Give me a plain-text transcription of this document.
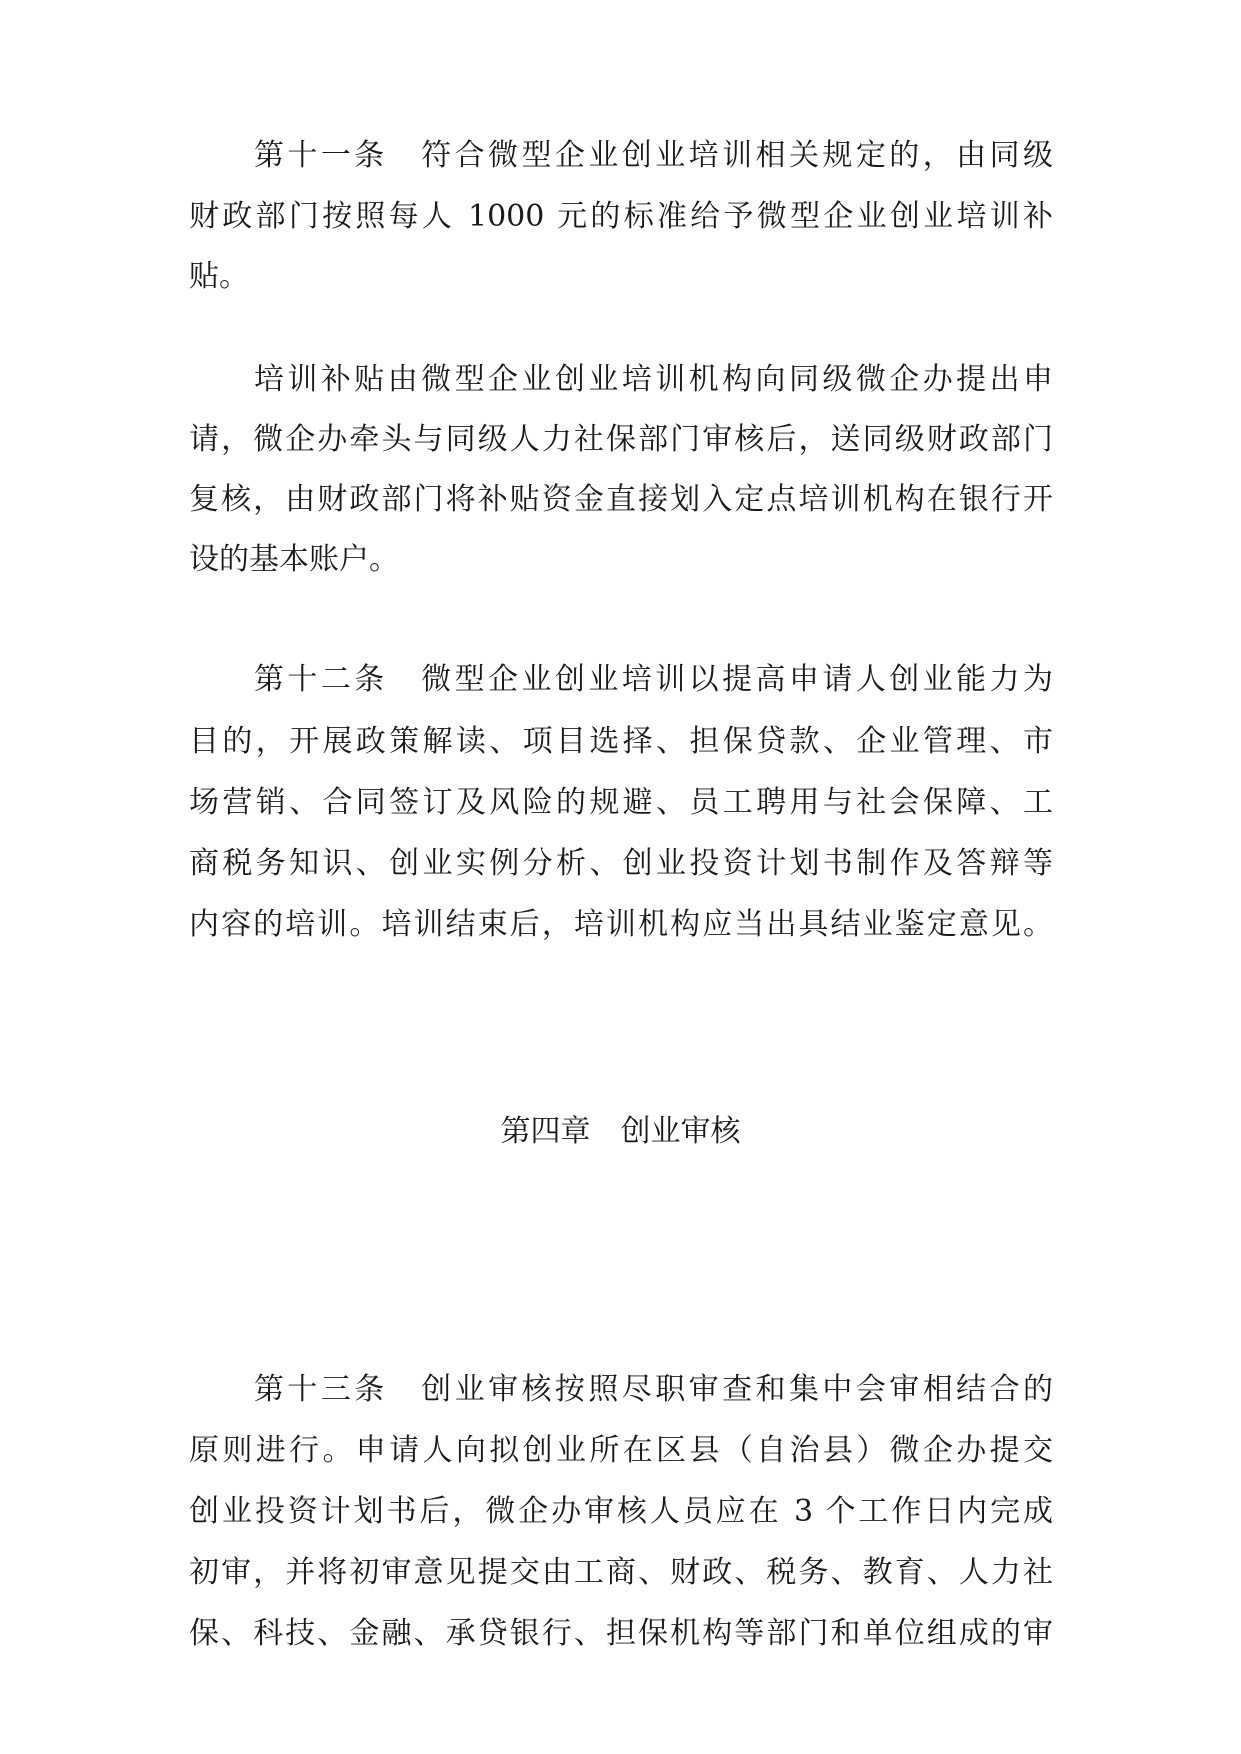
第十一条　符合微型企业创业培训相关规定的，由同级
财政部门按照每人 1000 元的标准给予微型企业创业培训补
贴。
培训补贴由微型企业创业培训机构向同级微企办提出申
请，微企办牵头与同级人力社保部门审核后，送同级财政部门
复核，由财政部门将补贴资金直接划入定点培训机构在银行开
设的基本账户。
第十二条　微型企业创业培训以提高申请人创业能力为
目的，开展政策解读、项目选择、担保贷款、企业管理、市
场营销、合同签订及风险的规避、员工聘用与社会保障、工
商税务知识、创业实例分析、创业投资计划书制作及答辩等
内容的培训。培训结束后，培训机构应当出具结业鉴定意见。
第四章　创业审核
第十三条　创业审核按照尽职审查和集中会审相结合的
原则进行。申请人向拟创业所在区县（自治县）微企办提交
创业投资计划书后，微企办审核人员应在 3 个工作日内完成
初审，并将初审意见提交由工商、财政、税务、教育、人力社
保、科技、金融、承贷银行、担保机构等部门和单位组成的审
